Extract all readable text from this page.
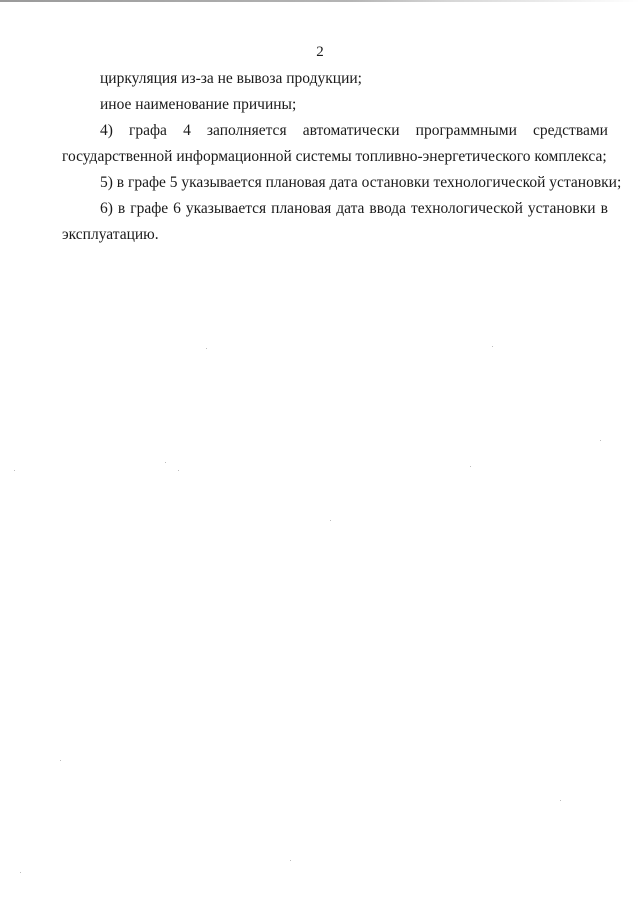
2

циркуляция из-за не вывоза продукции;

иное наименование причины;

4) графа 4 заполняется автоматически программными средствами

государственной информационной системы топливно-энергетического комплекса;

5) в графе 5 указывается плановая дата остановки технологической установки;

6) в графе 6 указывается плановая дата ввода технологической установки в

эксплуатацию.
